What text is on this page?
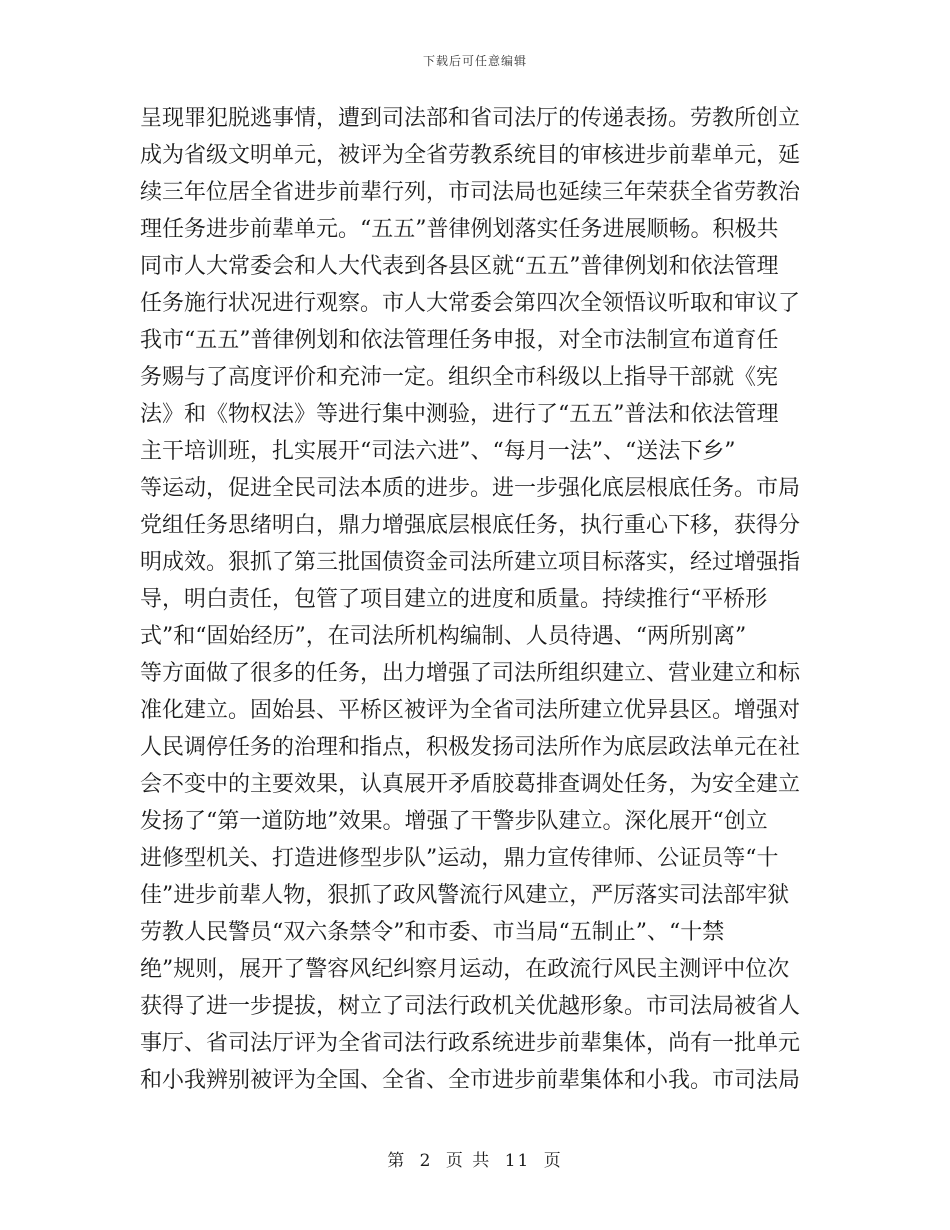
下载后可任意编辑
呈现罪犯脱逃事情，遭到司法部和省司法厅的传递表扬。劳教所创立
成为省级文明单元，被评为全省劳教系统目的审核进步前辈单元，延
续三年位居全省进步前辈行列，市司法局也延续三年荣获全省劳教治
理任务进步前辈单元。“五五”普律例划落实任务进展顺畅。积极共
同市人大常委会和人大代表到各县区就“五五”普律例划和依法管理
任务施行状况进行观察。市人大常委会第四次全领悟议听取和审议了
我市“五五”普律例划和依法管理任务申报，对全市法制宣布道育任
务赐与了高度评价和充沛一定。组织全市科级以上指导干部就《宪
法》和《物权法》等进行集中测验，进行了“五五”普法和依法管理
主干培训班，扎实展开“司法六进”、“每月一法”、“送法下乡”
等运动，促进全民司法本质的进步。进一步强化底层根底任务。市局
党组任务思绪明白，鼎力增强底层根底任务，执行重心下移，获得分
明成效。狠抓了第三批国债资金司法所建立项目标落实，经过增强指
导，明白责任，包管了项目建立的进度和质量。持续推行“平桥形
式”和“固始经历”，在司法所机构编制、人员待遇、“两所别离”
等方面做了很多的任务，出力增强了司法所组织建立、营业建立和标
准化建立。固始县、平桥区被评为全省司法所建立优异县区。增强对
人民调停任务的治理和指点，积极发扬司法所作为底层政法单元在社
会不变中的主要效果，认真展开矛盾胶葛排查调处任务，为安全建立
发扬了“第一道防地”效果。增强了干警步队建立。深化展开“创立
进修型机关、打造进修型步队”运动，鼎力宣传律师、公证员等“十
佳”进步前辈人物，狠抓了政风警流行风建立，严厉落实司法部牢狱
劳教人民警员“双六条禁令”和市委、市当局“五制止”、“十禁
绝”规则，展开了警容风纪纠察月运动，在政流行风民主测评中位次
获得了进一步提拔，树立了司法行政机关优越形象。市司法局被省人
事厅、省司法厅评为全省司法行政系统进步前辈集体，尚有一批单元
和小我辨别被评为全国、全省、全市进步前辈集体和小我。市司法局
第 2 页 共 11 页
